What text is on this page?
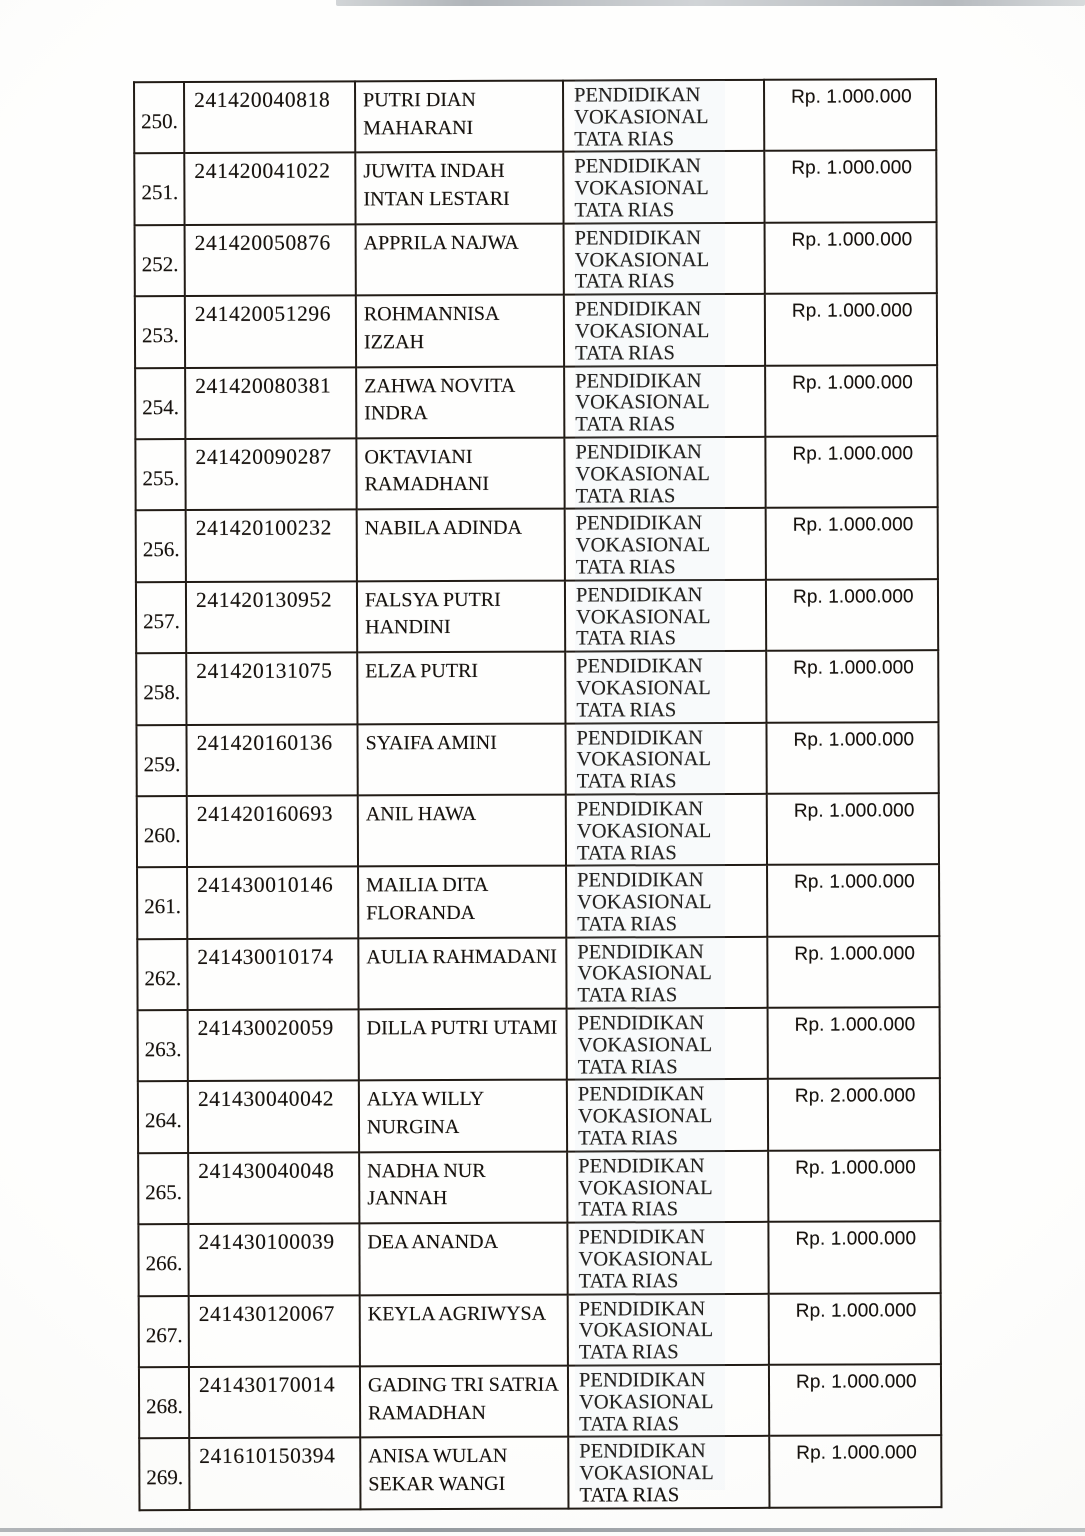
250.	241420040818	PUTRI DIAN
MAHARANI	PENDIDIKAN
VOKASIONAL
TATA RIAS	Rp. 1.000.000

251.	241420041022	JUWITA INDAH
INTAN LESTARI	PENDIDIKAN
VOKASIONAL
TATA RIAS	Rp. 1.000.000

252.	241420050876	APPRILA NAJWA	PENDIDIKAN
VOKASIONAL
TATA RIAS	Rp. 1.000.000

253.	241420051296	ROHMANNISA
IZZAH	PENDIDIKAN
VOKASIONAL
TATA RIAS	Rp. 1.000.000

254.	241420080381	ZAHWA NOVITA
INDRA	PENDIDIKAN
VOKASIONAL
TATA RIAS	Rp. 1.000.000

255.	241420090287	OKTAVIANI
RAMADHANI	PENDIDIKAN
VOKASIONAL
TATA RIAS	Rp. 1.000.000

256.	241420100232	NABILA ADINDA	PENDIDIKAN
VOKASIONAL
TATA RIAS	Rp. 1.000.000

257.	241420130952	FALSYA PUTRI
HANDINI	PENDIDIKAN
VOKASIONAL
TATA RIAS	Rp. 1.000.000

258.	241420131075	ELZA PUTRI	PENDIDIKAN
VOKASIONAL
TATA RIAS	Rp. 1.000.000

259.	241420160136	SYAIFA AMINI	PENDIDIKAN
VOKASIONAL
TATA RIAS	Rp. 1.000.000

260.	241420160693	ANIL HAWA	PENDIDIKAN
VOKASIONAL
TATA RIAS	Rp. 1.000.000

261.	241430010146	MAILIA DITA
FLORANDA	PENDIDIKAN
VOKASIONAL
TATA RIAS	Rp. 1.000.000

262.	241430010174	AULIA RAHMADANI	PENDIDIKAN
VOKASIONAL
TATA RIAS	Rp. 1.000.000

263.	241430020059	DILLA PUTRI UTAMI	PENDIDIKAN
VOKASIONAL
TATA RIAS	Rp. 1.000.000

264.	241430040042	ALYA WILLY
NURGINA	PENDIDIKAN
VOKASIONAL
TATA RIAS	Rp. 2.000.000

265.	241430040048	NADHA NUR
JANNAH	PENDIDIKAN
VOKASIONAL
TATA RIAS	Rp. 1.000.000

266.	241430100039	DEA ANANDA	PENDIDIKAN
VOKASIONAL
TATA RIAS	Rp. 1.000.000

267.	241430120067	KEYLA AGRIWYSA	PENDIDIKAN
VOKASIONAL
TATA RIAS	Rp. 1.000.000

268.	241430170014	GADING TRI SATRIA
RAMADHAN	PENDIDIKAN
VOKASIONAL
TATA RIAS	Rp. 1.000.000

269.	241610150394	ANISA WULAN
SEKAR WANGI	PENDIDIKAN
VOKASIONAL
TATA RIAS	Rp. 1.000.000
